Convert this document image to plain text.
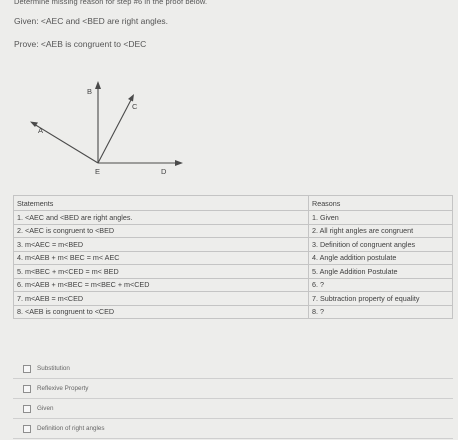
Determine missing reason for step #6 in the proof below.
Given: <AEC and <BED are right angles.
Prove: <AEB is congruent to <DEC
B
C
A
E	D
Statements	Reasons
1. <AEC and <BED are right angles.	1. Given
2. <AEC is congruent to <BED	2. All right angles are congruent
3. m<AEC = m<BED	3. Definition of congruent angles
4. m<AEB + m< BEC = m< AEC	4. Angle addition postulate
5. m<BEC + m<CED = m< BED	5. Angle Addition Postulate
6. m<AEB + m<BEC = m<BEC + m<CED	6. ?
7. m<AEB = m<CED	7. Subtraction property of equality
8. <AEB is congruent to <CED	8. ?
Substitution
Reflexive Property
Given
Definition of right angles
